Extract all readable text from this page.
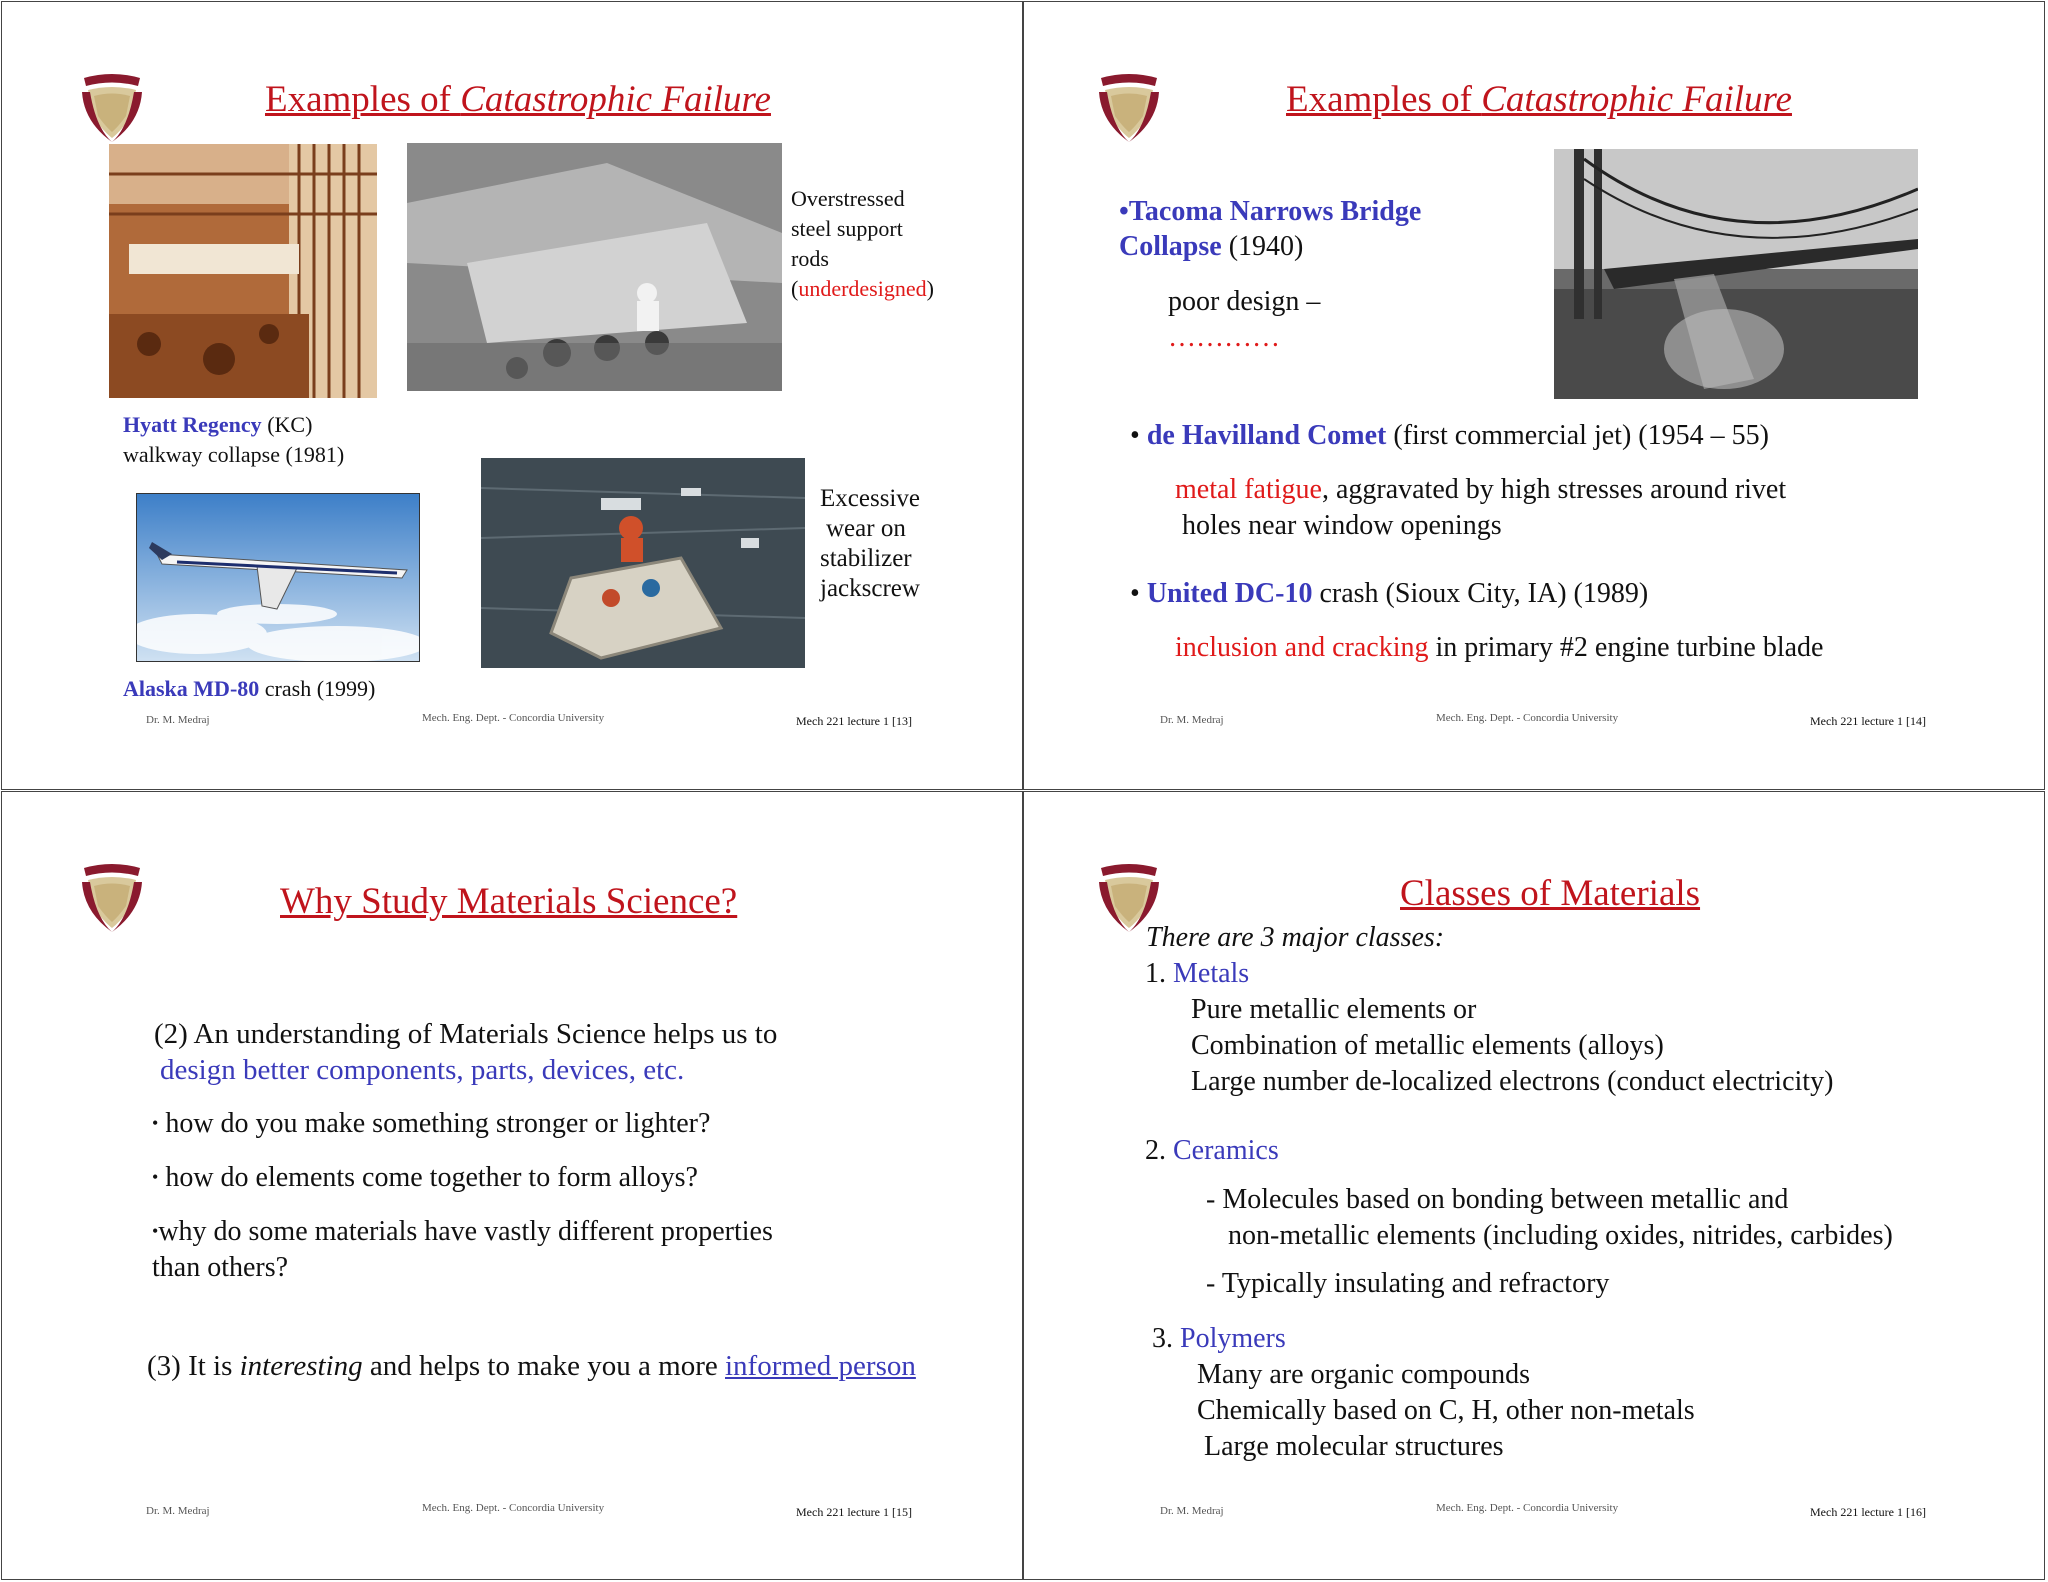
Examples of Catastrophic Failure
Overstressed
steel support
rods
(underdesigned)
Hyatt Regency (KC)
walkway collapse (1981)
Excessive
wear on
stabilizer
jackscrew
Alaska MD-80 crash (1999)
Dr. M. Medraj	Mech. Eng. Dept. - Concordia University	Mech 221 lecture 1 [13]
Examples of Catastrophic Failure
•Tacoma Narrows Bridge
Collapse (1940)
poor design –
…………
• de Havilland Comet (first commercial jet) (1954 – 55)
metal fatigue, aggravated by high stresses around rivet
holes near window openings
• United DC-10 crash (Sioux City, IA) (1989)
inclusion and cracking in primary #2 engine turbine blade
Dr. M. Medraj	Mech. Eng. Dept. - Concordia University	Mech 221 lecture 1 [14]
Why Study Materials Science?
(2) An understanding of Materials Science helps us to
design better components, parts, devices, etc.
• how do you make something stronger or lighter?
• how do elements come together to form alloys?
•why do some materials have vastly different properties
than others?
(3) It is interesting and helps to make you a more informed person
Dr. M. Medraj	Mech. Eng. Dept. - Concordia University	Mech 221 lecture 1 [15]
Classes of Materials
There are 3 major classes:
1. Metals
Pure metallic elements or
Combination of metallic elements (alloys)
Large number de-localized electrons (conduct electricity)
2. Ceramics
- Molecules based on bonding between metallic and
non-metallic elements (including oxides, nitrides, carbides)
- Typically insulating and refractory
3. Polymers
Many are organic compounds
Chemically based on C, H, other non-metals
Large molecular structures
Dr. M. Medraj	Mech. Eng. Dept. - Concordia University	Mech 221 lecture 1 [16]
